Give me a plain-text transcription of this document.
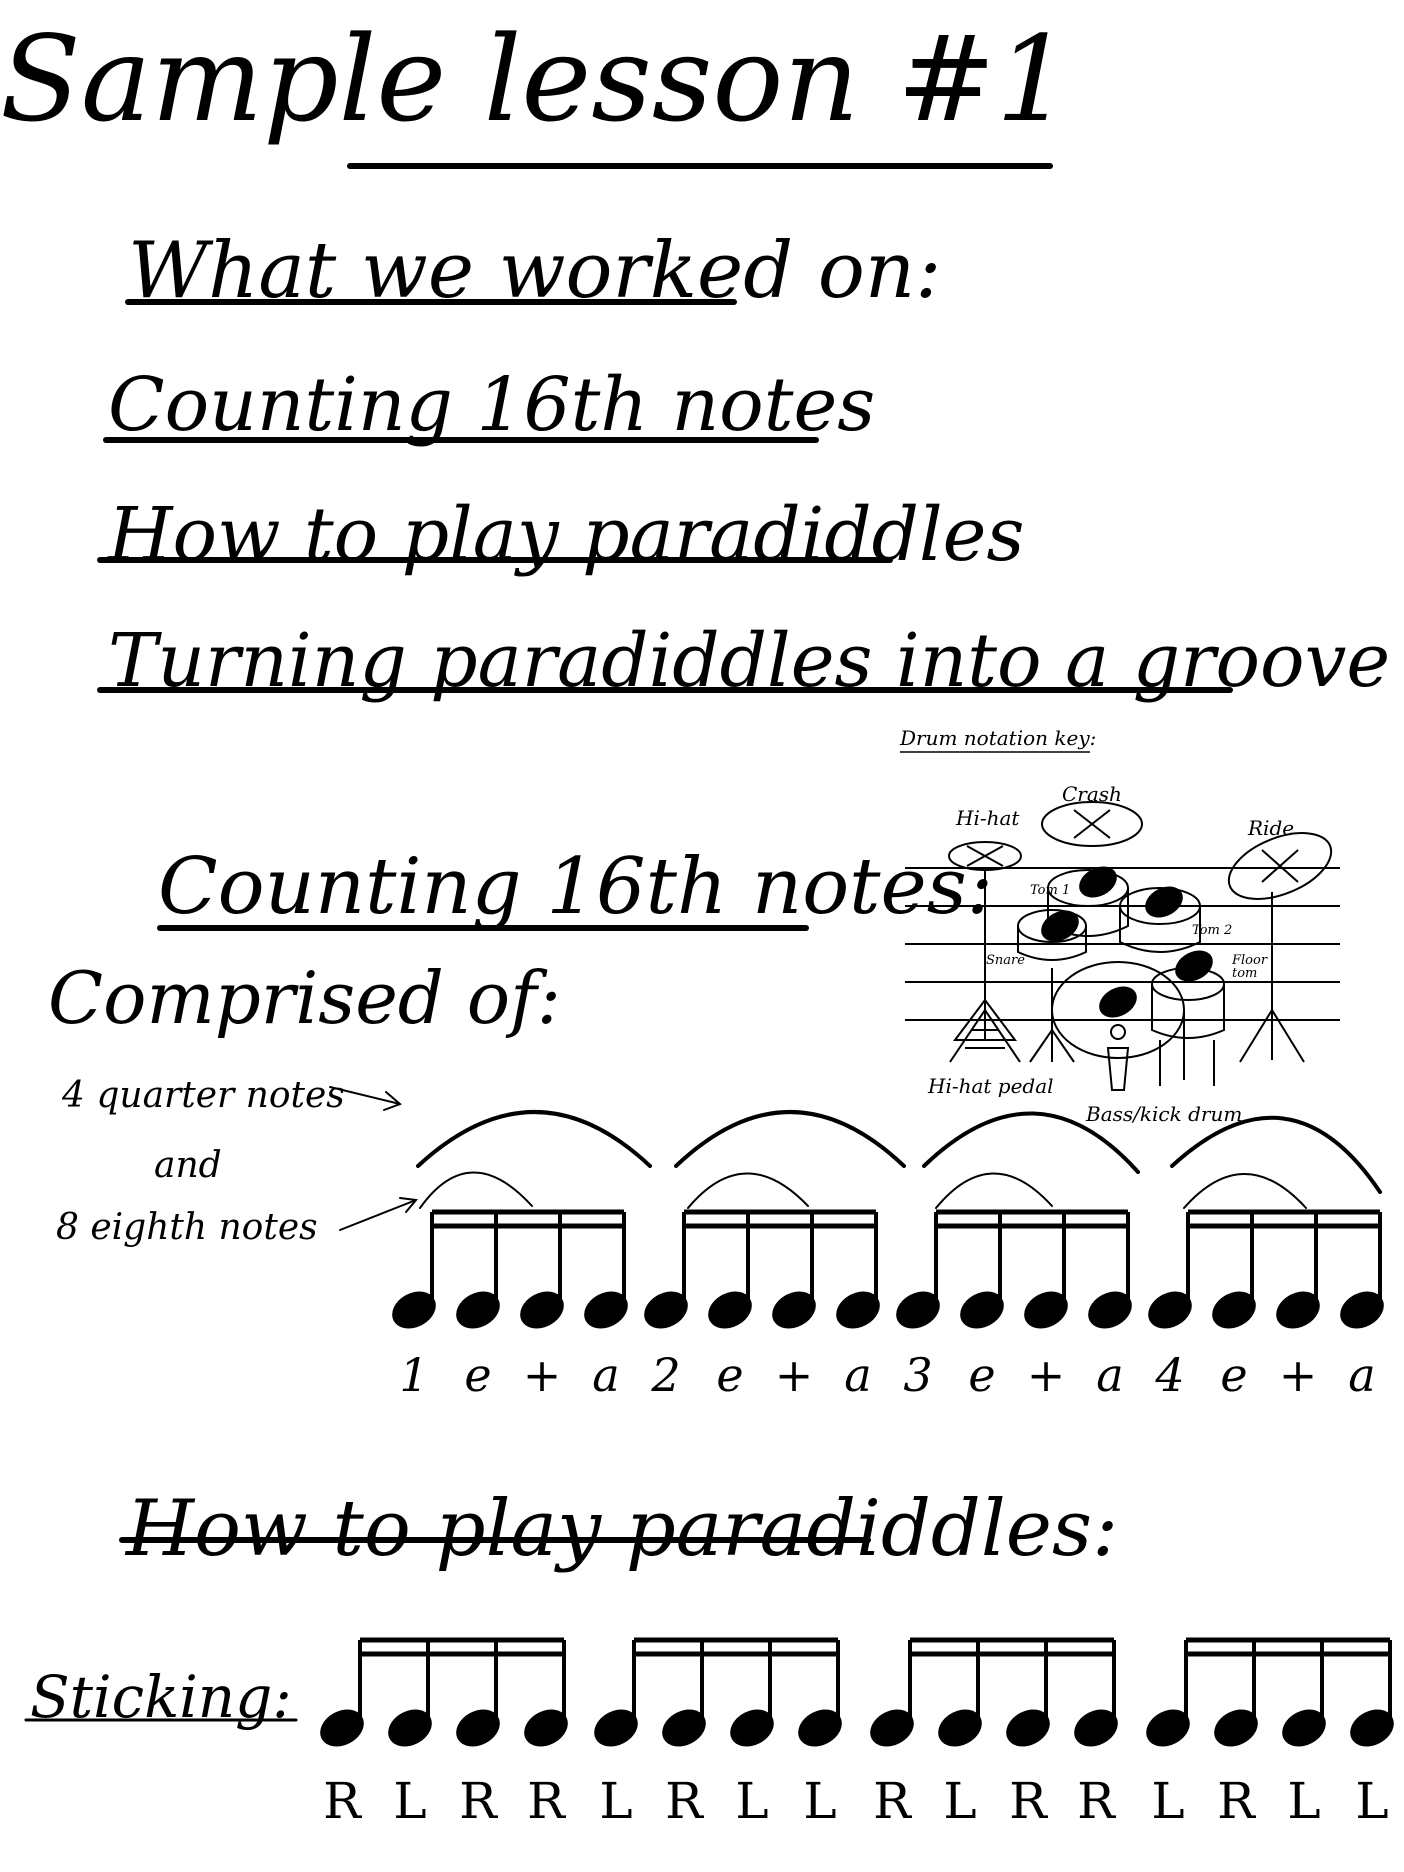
Sample lesson #1
What we worked on:
Counting 16th notes
How to play paradiddles
Turning paradiddles into a groove
Counting 16th notes:
Comprised of:
4 quarter notes
and
8 eighth notes
Drum notation key:
Crash
Hi-hat	Ride
Tom 1
Snare
Tom 2
Floor tom
Hi-hat pedal
Bass/kick drum
How to play paradiddles:
Sticking:
1 e + a 2 e + a 3 e + a 4 e + a
R L R R L R L L R L R R L R L L
